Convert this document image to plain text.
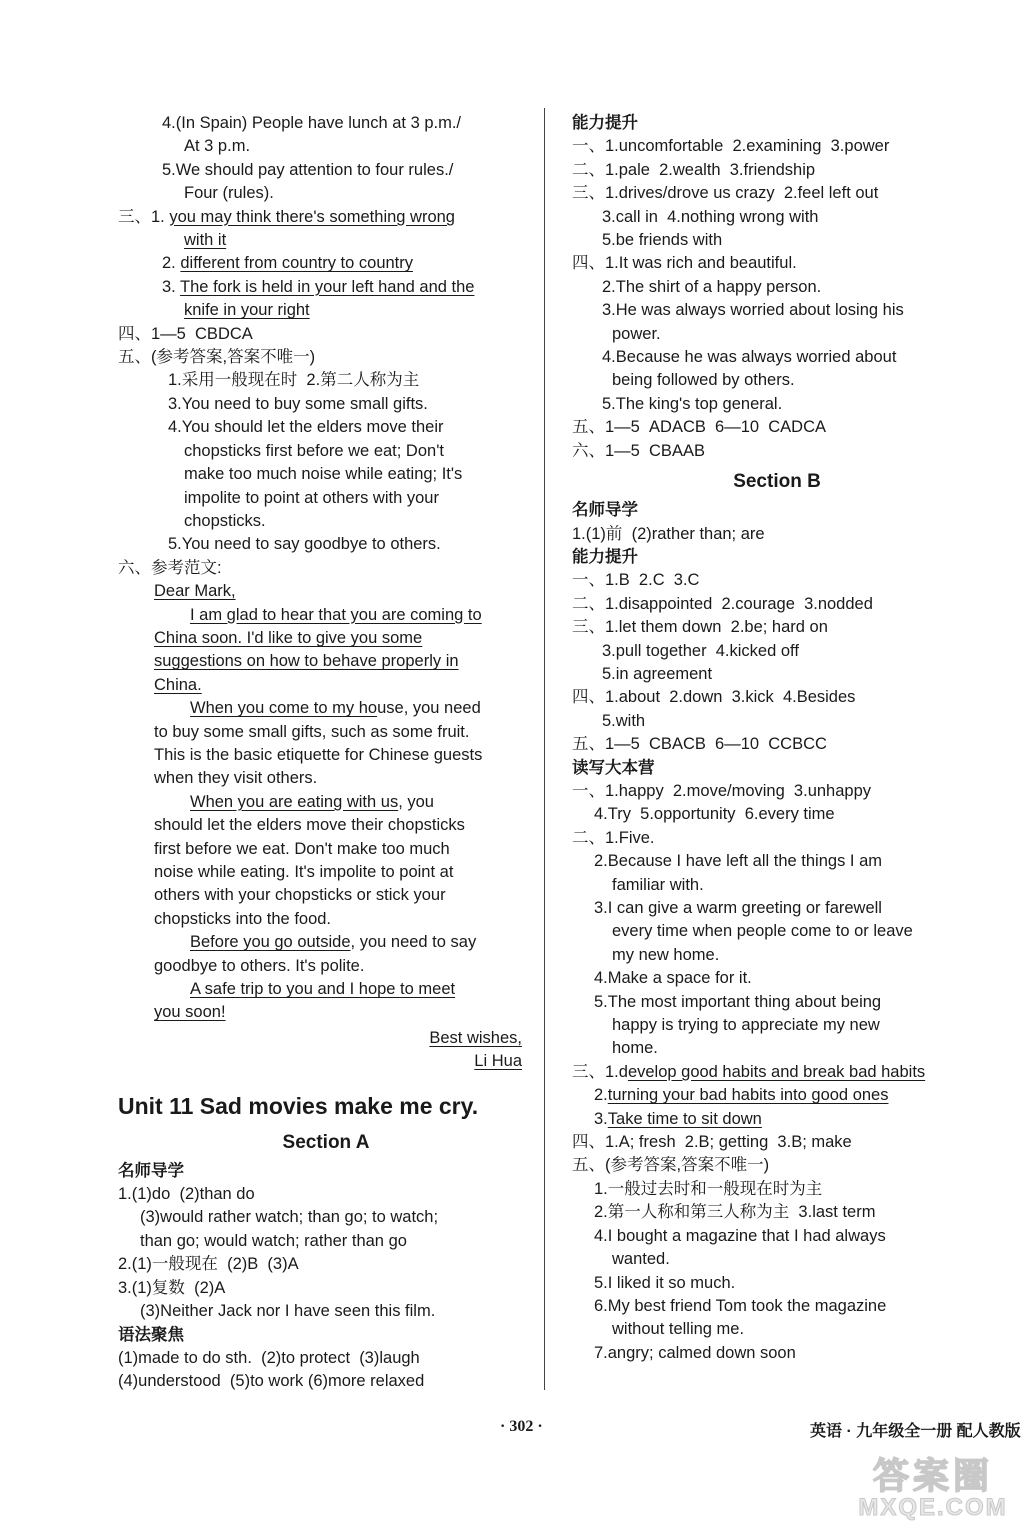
4.(In Spain) People have lunch at 3 p.m./
At 3 p.m.
5.We should pay attention to four rules./
Four (rules).
三、1. you may think there's something wrong
with it
2. different from country to country
3. The fork is held in your left hand and the
knife in your right
四、1—5  CBDCA
五、(参考答案,答案不唯一)
1.采用一般现在时  2.第二人称为主
3.You need to buy some small gifts.
4.You should let the elders move their
chopsticks first before we eat; Don't
make too much noise while eating; It's
impolite to point at others with your
chopsticks.
5.You need to say goodbye to others.
六、参考范文:
Dear Mark,
I am glad to hear that you are coming to
China soon. I'd like to give you some
suggestions on how to behave properly in
China.
When you come to my house, you need
to buy some small gifts, such as some fruit.
This is the basic etiquette for Chinese guests
when they visit others.
When you are eating with us, you
should let the elders move their chopsticks
first before we eat. Don't make too much
noise while eating. It's impolite to point at
others with your chopsticks or stick your
chopsticks into the food.
Before you go outside, you need to say
goodbye to others. It's polite.
A safe trip to you and I hope to meet
you soon!
Best wishes,
Li Hua
Unit 11 Sad movies make me cry.
Section A
名师导学
1.(1)do  (2)than do
(3)would rather watch; than go; to watch;
than go; would watch; rather than go
2.(1)一般现在  (2)B  (3)A
3.(1)复数  (2)A
(3)Neither Jack nor I have seen this film.
语法聚焦
(1)made to do sth.  (2)to protect  (3)laugh
(4)understood  (5)to work (6)more relaxed
能力提升
一、1.uncomfortable  2.examining  3.power
二、1.pale  2.wealth  3.friendship
三、1.drives/drove us crazy  2.feel left out
3.call in  4.nothing wrong with
5.be friends with
四、1.It was rich and beautiful.
2.The shirt of a happy person.
3.He was always worried about losing his
power.
4.Because he was always worried about
being followed by others.
5.The king's top general.
五、1—5  ADACB  6—10  CADCA
六、1—5  CBAAB
Section B
名师导学
1.(1)前  (2)rather than; are
能力提升
一、1.B  2.C  3.C
二、1.disappointed  2.courage  3.nodded
三、1.let them down  2.be; hard on
3.pull together  4.kicked off
5.in agreement
四、1.about  2.down  3.kick  4.Besides
5.with
五、1—5  CBACB  6—10  CCBCC
读写大本营
一、1.happy  2.move/moving  3.unhappy
4.Try  5.opportunity  6.every time
二、1.Five.
2.Because I have left all the things I am
familiar with.
3.I can give a warm greeting or farewell
every time when people come to or leave
my new home.
4.Make a space for it.
5.The most important thing about being
happy is trying to appreciate my new
home.
三、1.develop good habits and break bad habits
2.turning your bad habits into good ones
3.Take time to sit down
四、1.A; fresh  2.B; getting  3.B; make
五、(参考答案,答案不唯一)
1.一般过去时和一般现在时为主
2.第一人称和第三人称为主  3.last term
4.I bought a magazine that I had always
wanted.
5.I liked it so much.
6.My best friend Tom took the magazine
without telling me.
7.angry; calmed down soon
· 302 ·	英语 · 九年级全一册 配人教版
答案圈
MXQE.COM
